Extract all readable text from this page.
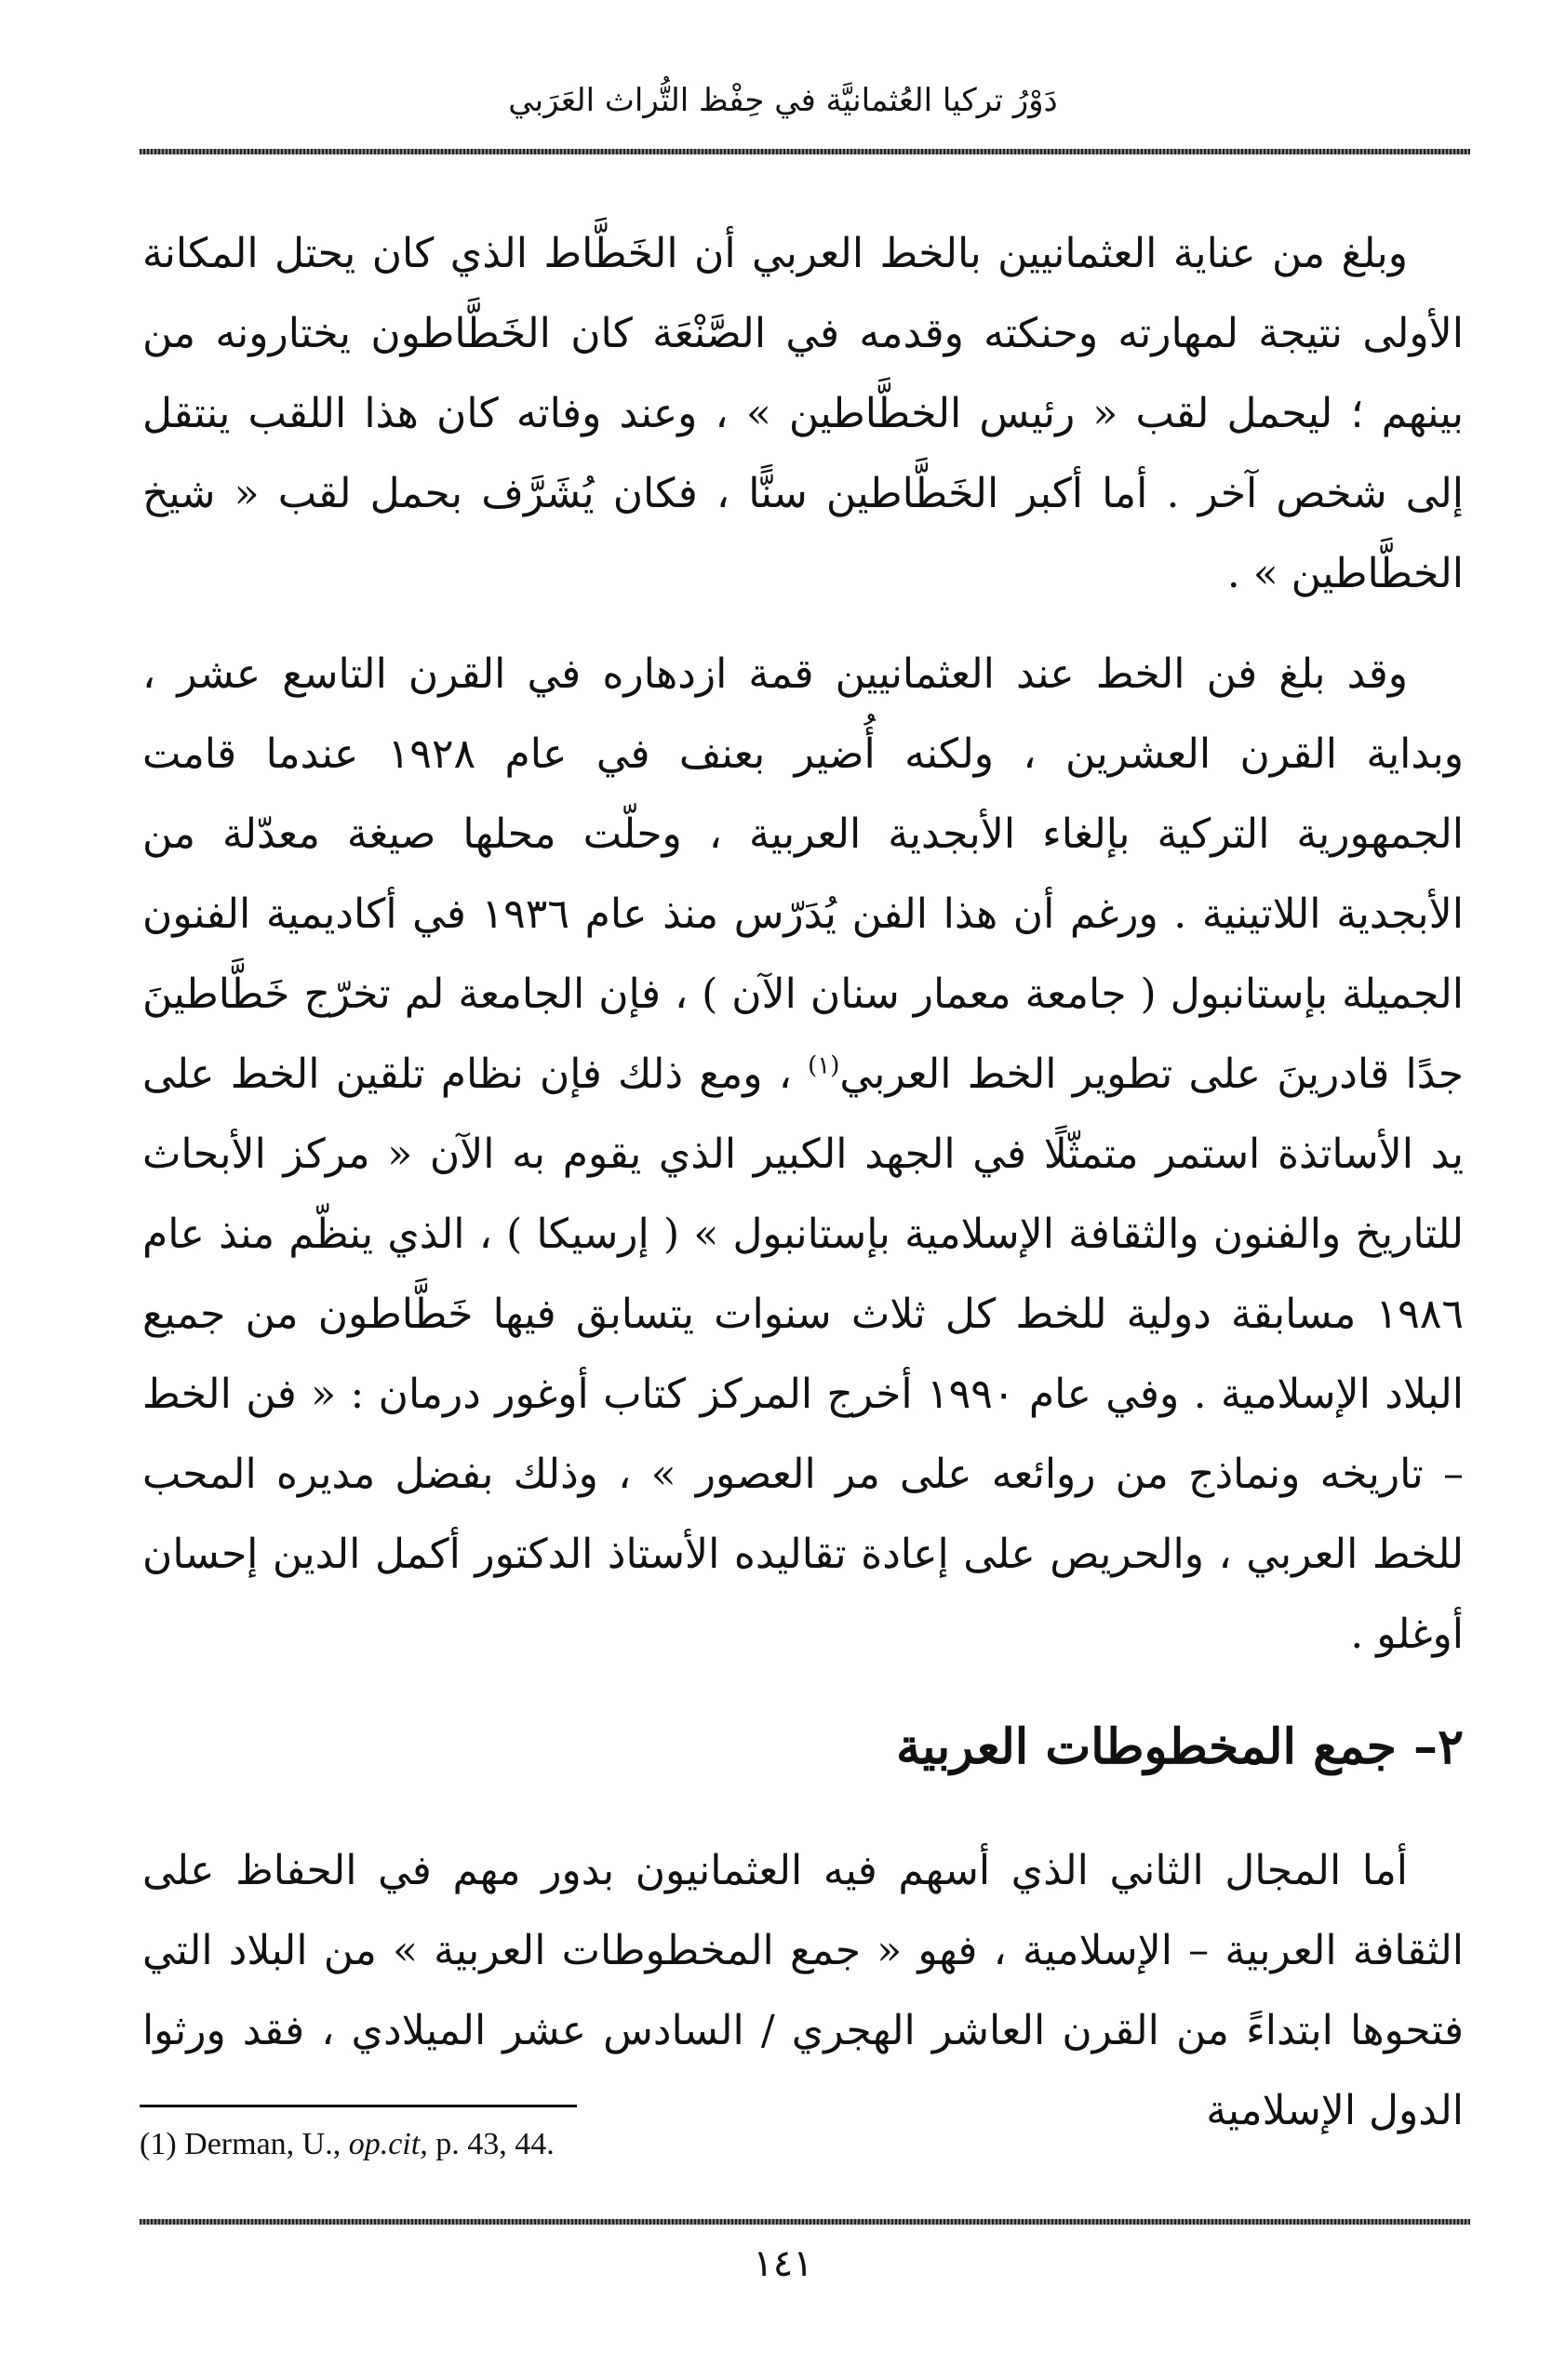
دَوْرُ تركيا العُثمانيَّة في حِفْظ التُّراث العَرَبي

وبلغ من عناية العثمانيين بالخط العربي أن الخَطَّاط الذي كان يحتل المكانة الأولى نتيجة لمهارته وحنكته وقدمه في الصَّنْعَة كان الخَطَّاطون يختارونه من بينهم ؛ ليحمل لقب « رئيس الخطَّاطين » ، وعند وفاته كان هذا اللقب ينتقل إلى شخص آخر . أما أكبر الخَطَّاطين سنًّا ، فكان يُشَرَّف بحمل لقب « شيخ الخطَّاطين » .

وقد بلغ فن الخط عند العثمانيين قمة ازدهاره في القرن التاسع عشر ، وبداية القرن العشرين ، ولكنه أُضير بعنف في عام ١٩٢٨ عندما قامت الجمهورية التركية بإلغاء الأبجدية العربية ، وحلّت محلها صيغة معدّلة من الأبجدية اللاتينية . ورغم أن هذا الفن يُدَرّس منذ عام ١٩٣٦ في أكاديمية الفنون الجميلة بإستانبول ( جامعة معمار سنان الآن ) ، فإن الجامعة لم تخرّج خَطَّاطينَ جدًا قادرينَ على تطوير الخط العربي$^{(١)}$ ، ومع ذلك فإن نظام تلقين الخط على يد الأساتذة استمر متمثّلًا في الجهد الكبير الذي يقوم به الآن « مركز الأبحاث للتاريخ والفنون والثقافة الإسلامية بإستانبول » ( إرسيكا ) ، الذي ينظّم منذ عام ١٩٨٦ مسابقة دولية للخط كل ثلاث سنوات يتسابق فيها خَطَّاطون من جميع البلاد الإسلامية . وفي عام ١٩٩٠ أخرج المركز كتاب أوغور درمان : « فن الخط – تاريخه ونماذج من روائعه على مر العصور » ، وذلك بفضل مديره المحب للخط العربي ، والحريص على إعادة تقاليده الأستاذ الدكتور أكمل الدين إحسان أوغلو .

٢– جمع المخطوطات العربية

أما المجال الثاني الذي أسهم فيه العثمانيون بدور مهم في الحفاظ على الثقافة العربية – الإسلامية ، فهو « جمع المخطوطات العربية » من البلاد التي فتحوها ابتداءً من القرن العاشر الهجري / السادس عشر الميلادي ، فقد ورثوا الدول الإسلامية

(1) Derman, U., op.cit, p. 43, 44.
١٤١
